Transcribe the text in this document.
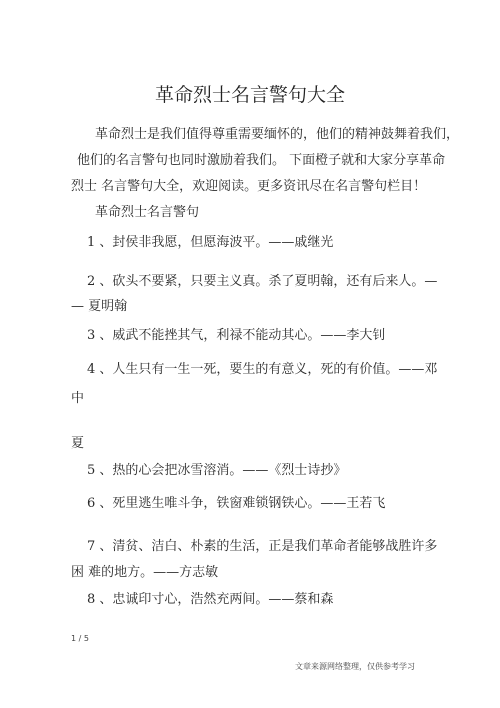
革命烈士名言警句大全
革命烈士是我们值得尊重需要缅怀的，他们的精神鼓舞着我们，
他们的名言警句也同时激励着我们。 下面橙子就和大家分享革命
烈士 名言警句大全，欢迎阅读。更多资讯尽在名言警句栏目！
革命烈士名言警句
1 、封侯非我愿，但愿海波平。——戚继光
2 、砍头不要紧，只要主义真。杀了夏明翰，还有后来人。—
— 夏明翰
3 、威武不能挫其气，利禄不能动其心。——李大钊
4 、人生只有一生一死，要生的有意义，死的有价值。——邓
中
夏
5 、热的心会把冰雪溶消。——《烈士诗抄》
6 、死里逃生唯斗争，铁窗难锁钢铁心。——王若飞
7 、清贫、洁白、朴素的生活，正是我们革命者能够战胜许多
困 难的地方。——方志敏
8 、忠诚印寸心，浩然充两间。——蔡和森
1 / 5
文章来源网络整理，仅供参考学习
